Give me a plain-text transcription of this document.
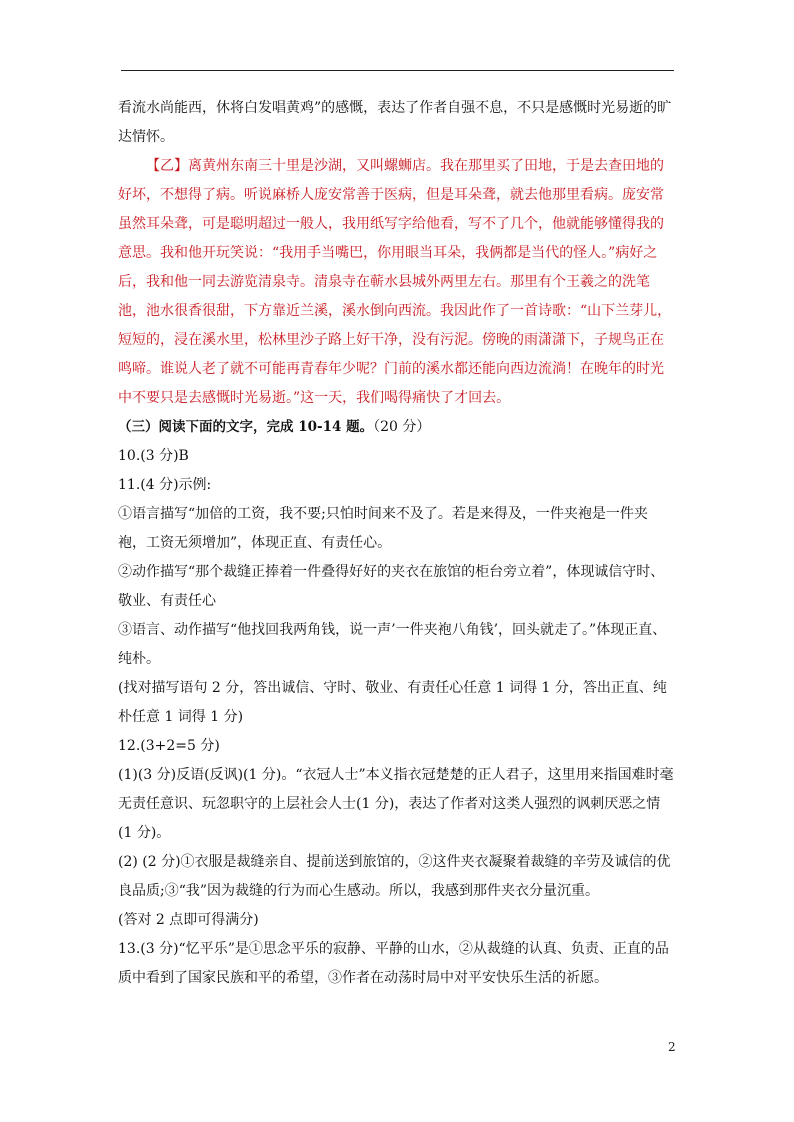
看流水尚能西，休将白发唱黄鸡”的感慨，表达了作者自强不息，不只是感慨时光易逝的旷达情怀。

【乙】离黄州东南三十里是沙湖，又叫螺蛳店。我在那里买了田地，于是去查田地的好坏，不想得了病。听说麻桥人庞安常善于医病，但是耳朵聋，就去他那里看病。庞安常虽然耳朵聋，可是聪明超过一般人，我用纸写字给他看，写不了几个，他就能够懂得我的意思。我和他开玩笑说：“我用手当嘴巴，你用眼当耳朵，我俩都是当代的怪人。”病好之后，我和他一同去游览清泉寺。清泉寺在蕲水县城外两里左右。那里有个王羲之的洗笔池，池水很香很甜，下方靠近兰溪，溪水倒向西流。我因此作了一首诗歌：“山下兰芽儿，短短的，浸在溪水里，松林里沙子路上好干净，没有污泥。傍晚的雨潇潇下，子规鸟正在鸣啼。谁说人老了就不可能再青春年少呢？门前的溪水都还能向西边流淌！在晚年的时光中不要只是去感慨时光易逝。”这一天，我们喝得痛快了才回去。

（三）阅读下面的文字，完成 10-14 题。（20 分）

10.(3 分)B

11.(4 分)示例:

①语言描写“加倍的工资，我不要;只怕时间来不及了。若是来得及，一件夹袍是一件夹袍，工资无须增加”，体现正直、有责任心。

②动作描写“那个裁缝正捧着一件叠得好好的夹衣在旅馆的柜台旁立着”，体现诚信守时、敬业、有责任心

③语言、动作描写“他找回我两角钱，说一声’一件夹袍八角钱’，回头就走了。”体现正直、纯朴。

(找对描写语句 2 分，答出诚信、守时、敬业、有责任心任意 1 词得 1 分，答出正直、纯朴任意 1 词得 1 分)

12.(3+2=5 分)

(1)(3 分)反语(反讽)(1 分)。“衣冠人士”本义指衣冠楚楚的正人君子，这里用来指国难时毫无责任意识、玩忽职守的上层社会人士(1 分)，表达了作者对这类人强烈的讽刺厌恶之情(1 分)。

(2) (2 分)①衣服是裁缝亲自、提前送到旅馆的，②这件夹衣凝聚着裁缝的辛劳及诚信的优良品质;③“我”因为裁缝的行为而心生感动。所以，我感到那件夹衣分量沉重。

(答对 2 点即可得满分)

13.(3 分)“忆平乐”是①思念平乐的寂静、平静的山水，②从裁缝的认真、负责、正直的品质中看到了国家民族和平的希望，③作者在动荡时局中对平安快乐生活的祈愿。

2
